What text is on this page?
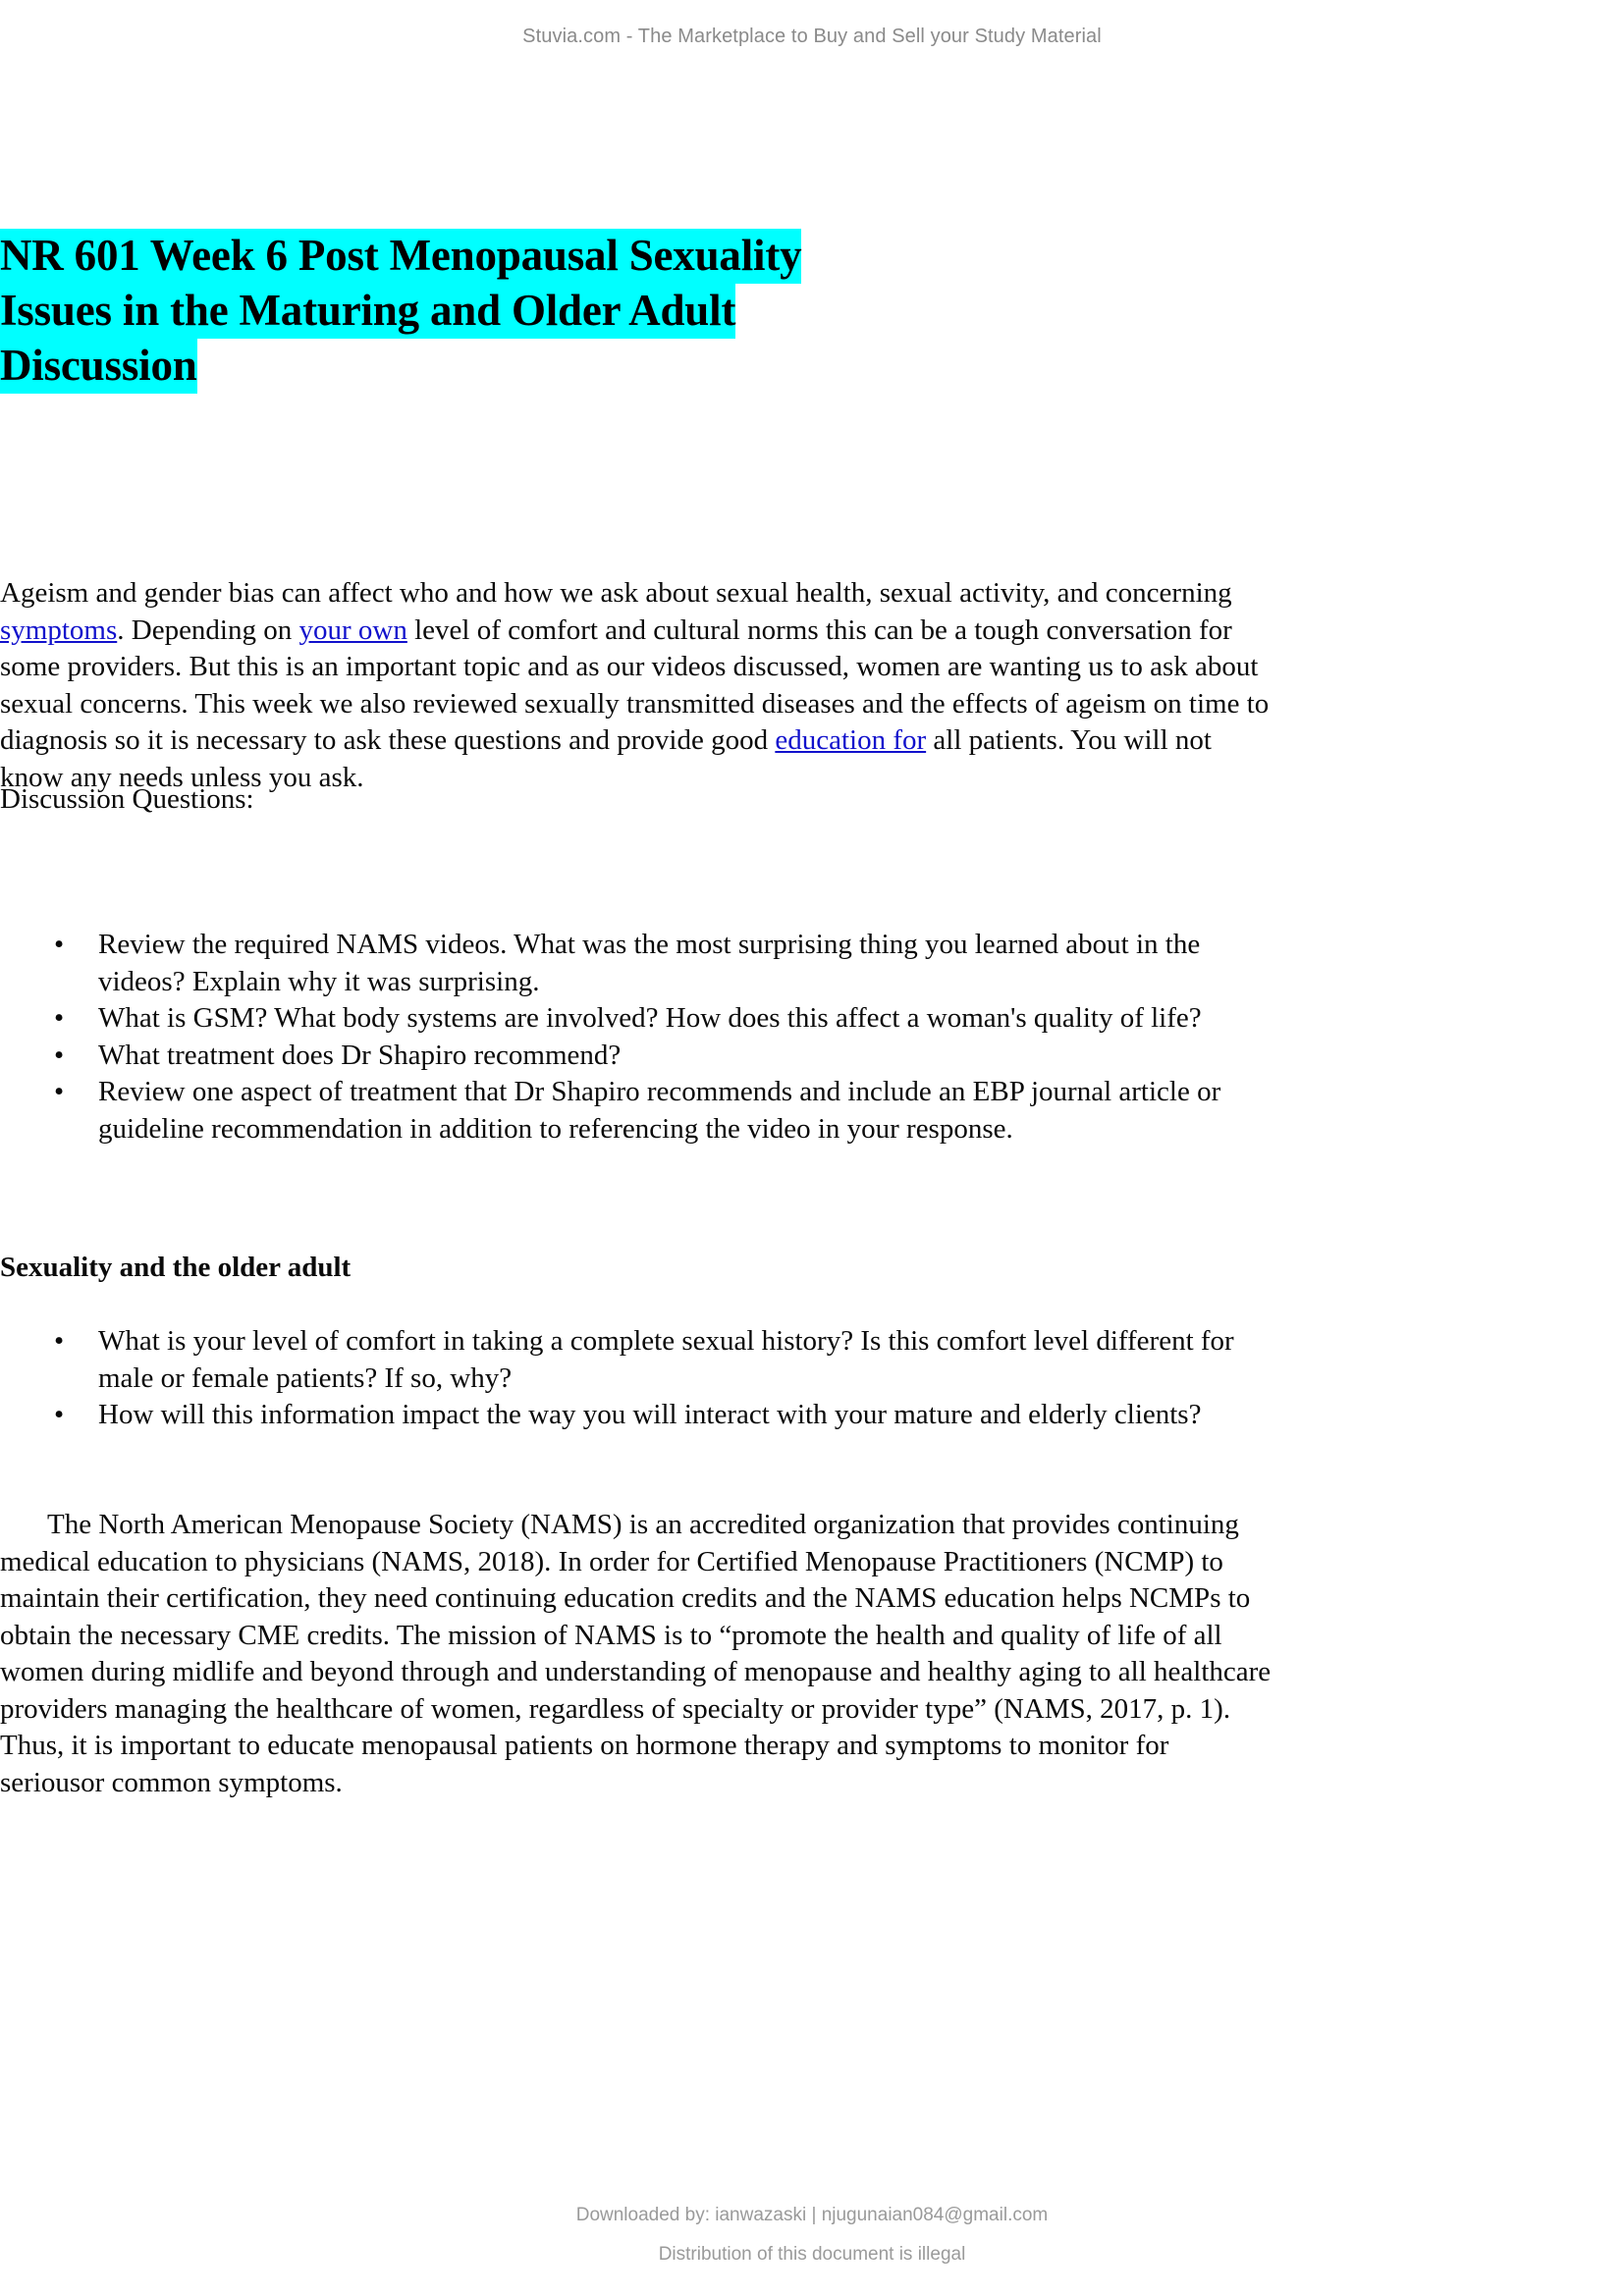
Stuvia.com - The Marketplace to Buy and Sell your Study Material
NR 601 Week 6 Post Menopausal Sexuality
Issues in the Maturing and Older Adult
Discussion

Ageism and gender bias can affect who and how we ask about sexual health, sexual activity, and concerning symptoms. Depending on your own level of comfort and cultural norms this can be a tough conversation for some providers. But this is an important topic and as our videos discussed, women are wanting us to ask about sexual concerns. This week we also reviewed sexually transmitted diseases and the effects of ageism on time to diagnosis so it is necessary to ask these questions and provide good education for all patients. You will not know any needs unless you ask.

Discussion Questions:

• Review the required NAMS videos. What was the most surprising thing you learned about in the videos? Explain why it was surprising.
• What is GSM? What body systems are involved? How does this affect a woman's quality of life?
• What treatment does Dr Shapiro recommend?
• Review one aspect of treatment that Dr Shapiro recommends and include an EBP journal article or guideline recommendation in addition to referencing the video in your response.

Sexuality and the older adult

• What is your level of comfort in taking a complete sexual history? Is this comfort level different for male or female patients? If so, why?
• How will this information impact the way you will interact with your mature and elderly clients?

The North American Menopause Society (NAMS) is an accredited organization that provides continuing medical education to physicians (NAMS, 2018). In order for Certified Menopause Practitioners (NCMP) to maintain their certification, they need continuing education credits and the NAMS education helps NCMPs to obtain the necessary CME credits. The mission of NAMS is to “promote the health and quality of life of all women during midlife and beyond through and understanding of menopause and healthy aging to all healthcare providers managing the healthcare of women, regardless of specialty or provider type” (NAMS, 2017, p. 1). Thus, it is important to educate menopausal patients on hormone therapy and symptoms to monitor for seriousor common symptoms.

Downloaded by: ianwazaski | njugunaian084@gmail.com
Distribution of this document is illegal
